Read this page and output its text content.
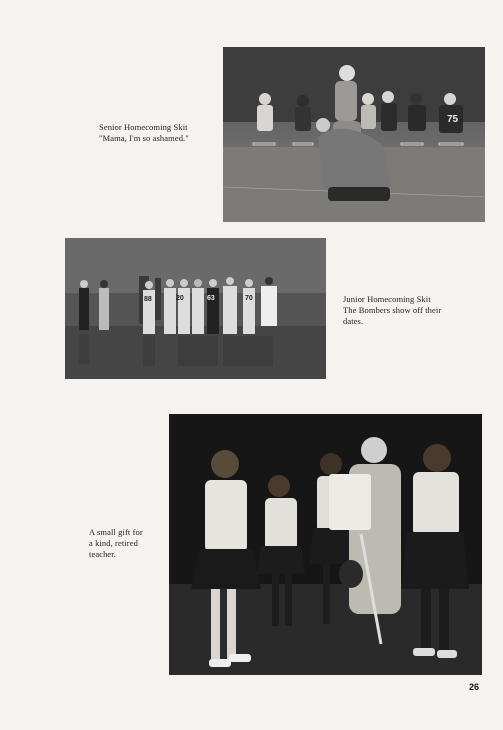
75
Senior Homecoming Skit
"Mama, I'm so ashamed."
88	20	63	70	Junior Homecoming Skit
The Bombers show off their
dates.
A small gift for
a kind, retired
teacher.
26
